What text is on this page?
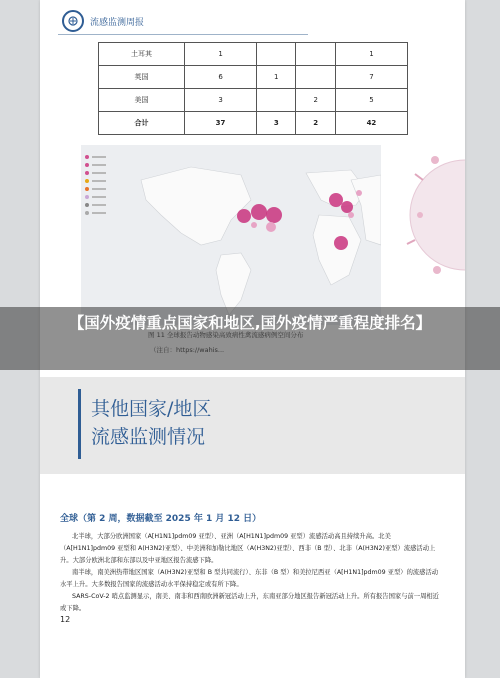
流感监测周报
土耳其	1			1
英国	6	1		7
美国	3		2	5
合计	37	3	2	42
全球（第 2 周，数据截至 2025 年 1 月 12 日）

北半球，大部分欧洲国家（A[H1N1]pdm09 亚型）、亚洲（A[H1N1]pdm09 亚型）流感活动高且持续升高。北美（A[H1N1]pdm09 亚型和 A(H3N2)亚型）、中美洲和加勒比地区（A(H3N2)亚型）、西非（B 型）、北非（A(H3N2)亚型）流感活动上升。大部分欧洲北部和东部以及中亚地区报告流感下降。

南半球，南美洲热带地区国家（A(H3N2)亚型和 B 型共同流行）、东非（B 型）和美拉尼西亚（A[H1N1]pdm09 亚型）的流感活动水平上升。大多数报告国家的流感活动水平保持稳定或有所下降。

SARS-CoV-2 哨点监测显示，南美、南非和西南欧洲新冠活动上升，东南亚部分地区报告新冠活动上升。所有报告国家与前一周相近或下降。

12
其他国家/地区
流感监测情况
【国外疫情重点国家和地区,国外疫情严重程度排名】
